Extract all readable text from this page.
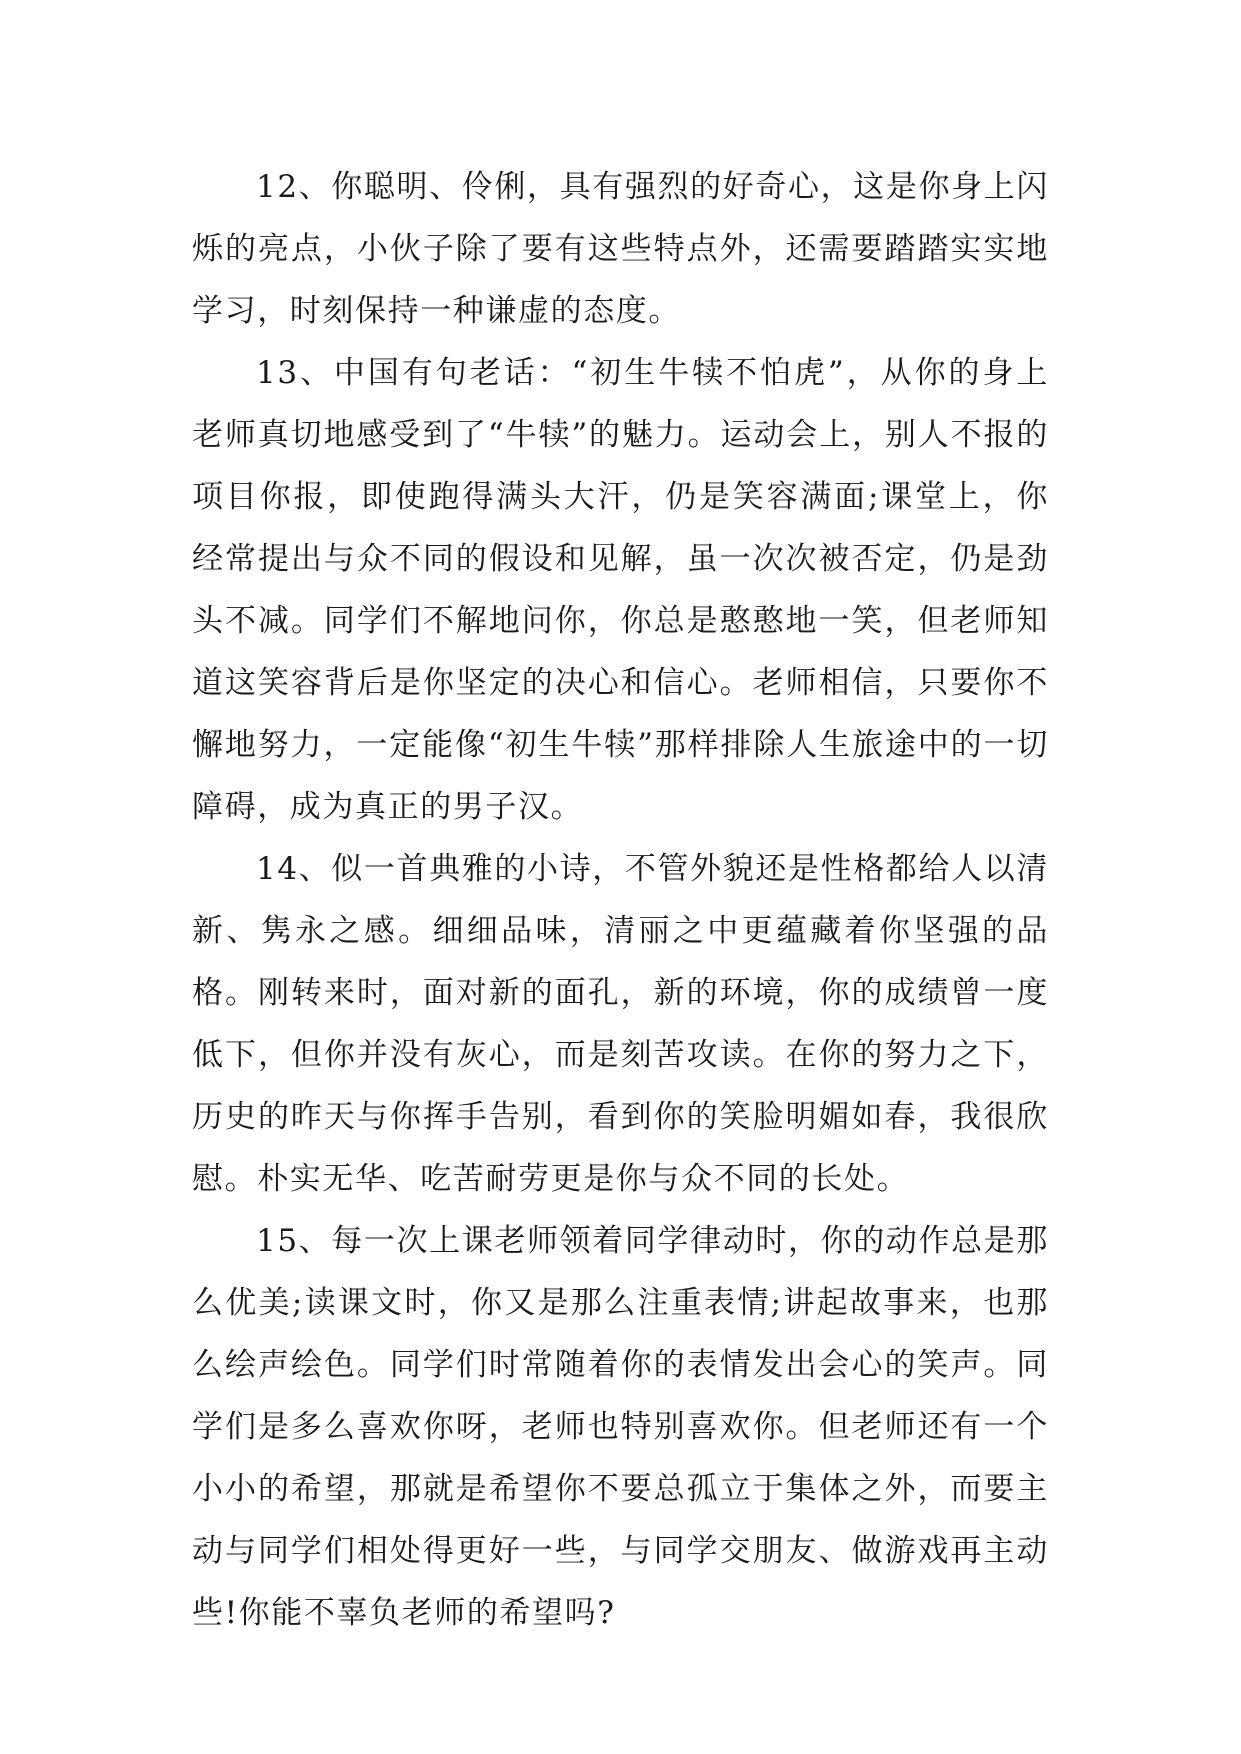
12、你聪明、伶俐，具有强烈的好奇心，这是你身上闪烁的亮点，小伙子除了要有这些特点外，还需要踏踏实实地学习，时刻保持一种谦虚的态度。

13、中国有句老话：“初生牛犊不怕虎”，从你的身上老师真切地感受到了“牛犊”的魅力。运动会上，别人不报的项目你报，即使跑得满头大汗，仍是笑容满面;课堂上，你经常提出与众不同的假设和见解，虽一次次被否定，仍是劲头不减。同学们不解地问你，你总是憨憨地一笑，但老师知道这笑容背后是你坚定的决心和信心。老师相信，只要你不懈地努力，一定能像“初生牛犊”那样排除人生旅途中的一切障碍，成为真正的男子汉。

14、似一首典雅的小诗，不管外貌还是性格都给人以清新、隽永之感。细细品味，清丽之中更蕴藏着你坚强的品格。刚转来时，面对新的面孔，新的环境，你的成绩曾一度低下，但你并没有灰心，而是刻苦攻读。在你的努力之下，历史的昨天与你挥手告别，看到你的笑脸明媚如春，我很欣慰。朴实无华、吃苦耐劳更是你与众不同的长处。

15、每一次上课老师领着同学律动时，你的动作总是那么优美;读课文时，你又是那么注重表情;讲起故事来，也那么绘声绘色。同学们时常随着你的表情发出会心的笑声。同学们是多么喜欢你呀，老师也特别喜欢你。但老师还有一个小小的希望，那就是希望你不要总孤立于集体之外，而要主动与同学们相处得更好一些，与同学交朋友、做游戏再主动些!你能不辜负老师的希望吗?
